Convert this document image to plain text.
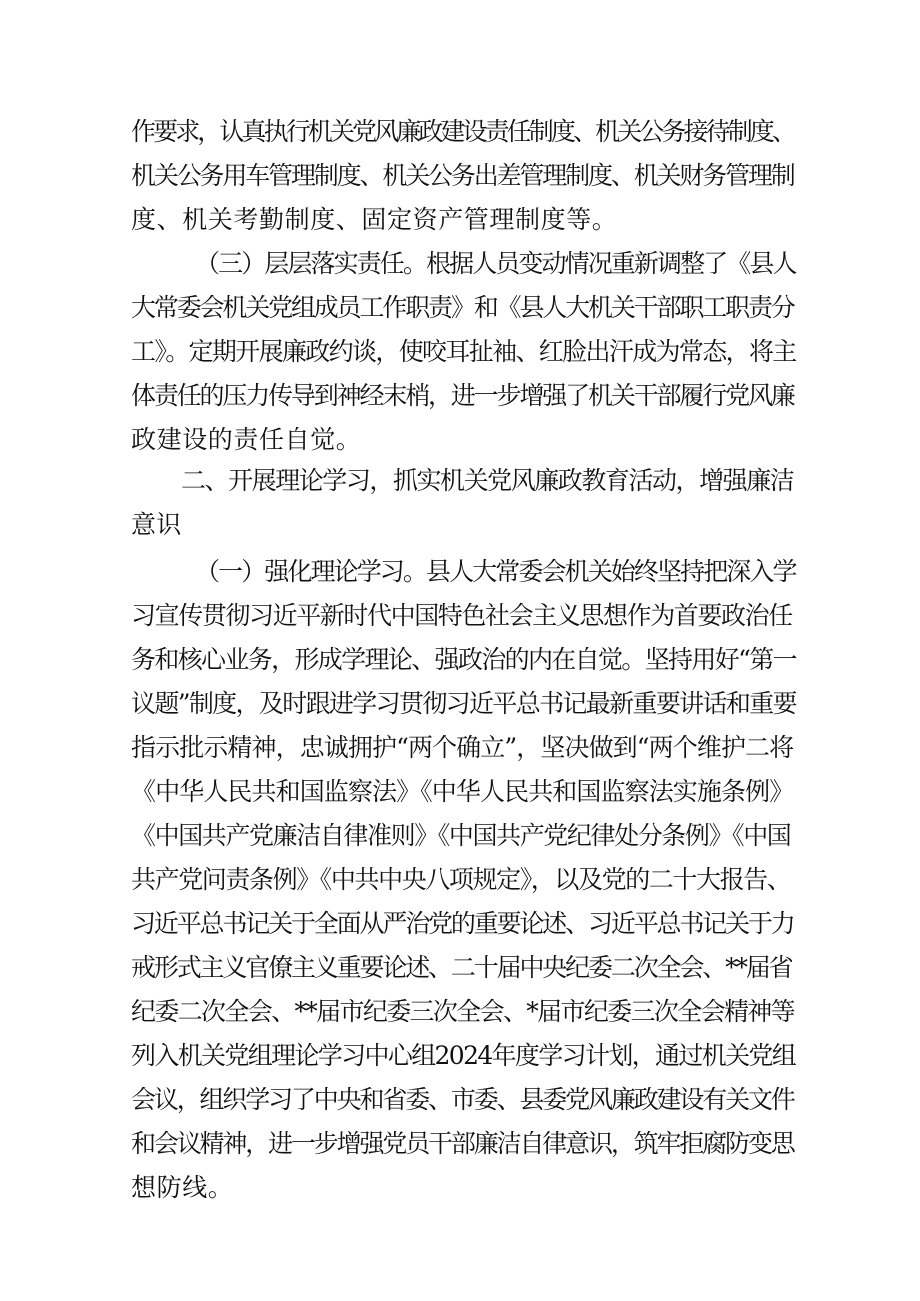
作要求，认真执行机关党风廉政建设责任制度、机关公务接待制度、
机关公务用车管理制度、机关公务出差管理制度、机关财务管理制
度、机关考勤制度、固定资产管理制度等。
（三）层层落实责任。根据人员变动情况重新调整了《县人
大常委会机关党组成员工作职责》和《县人大机关干部职工职责分
工》。定期开展廉政约谈，使咬耳扯袖、红脸出汗成为常态，将主
体责任的压力传导到神经末梢，进一步增强了机关干部履行党风廉
政建设的责任自觉。
二、开展理论学习，抓实机关党风廉政教育活动，增强廉洁
意识
（一）强化理论学习。县人大常委会机关始终坚持把深入学
习宣传贯彻习近平新时代中国特色社会主义思想作为首要政治任
务和核心业务，形成学理论、强政治的内在自觉。坚持用好“第一
议题”制度，及时跟进学习贯彻习近平总书记最新重要讲话和重要
指示批示精神，忠诚拥护“两个确立”，坚决做到“两个维护二将
《中华人民共和国监察法》《中华人民共和国监察法实施条例》
《中国共产党廉洁自律准则》《中国共产党纪律处分条例》《中国
共产党问责条例》《中共中央八项规定》，以及党的二十大报告、
习近平总书记关于全面从严治党的重要论述、习近平总书记关于力
戒形式主义官僚主义重要论述、二十届中央纪委二次全会、**届省
纪委二次全会、**届市纪委三次全会、*届市纪委三次全会精神等
列入机关党组理论学习中心组2024年度学习计划，通过机关党组
会议，组织学习了中央和省委、市委、县委党风廉政建设有关文件
和会议精神，进一步增强党员干部廉洁自律意识，筑牢拒腐防变思
想防线。
